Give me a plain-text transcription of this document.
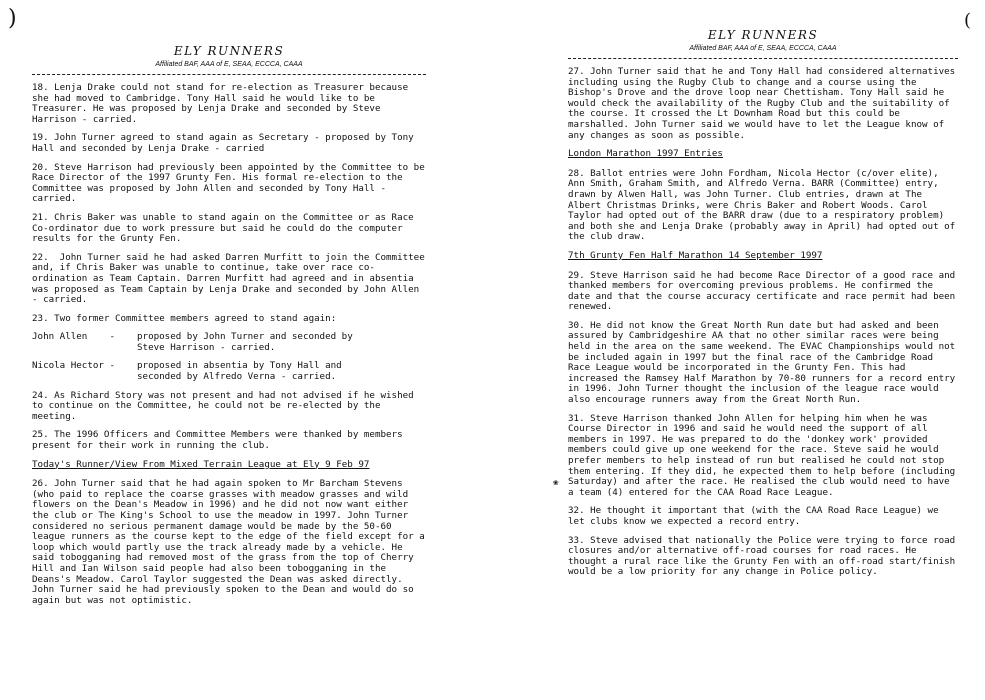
)	)
❀
ELY RUNNERS
Affiliated BAF, AAA of E, SEAA, ECCCA, CAAA

18. Lenja Drake could not stand for re-election as Treasurer because she had moved to Cambridge. Tony Hall said he would like to be Treasurer. He was proposed by Lenja Drake and seconded by Steve Harrison - carried.

19. John Turner agreed to stand again as Secretary - proposed by Tony Hall and seconded by Lenja Drake - carried

20. Steve Harrison had previously been appointed by the Committee to be Race Director of the 1997 Grunty Fen. His formal re-election to the Committee was proposed by John Allen and seconded by Tony Hall - carried.

21. Chris Baker was unable to stand again on the Committee or as Race Co-ordinator due to work pressure but said he could do the computer results for the Grunty Fen.

22.  John Turner said he had asked Darren Murfitt to join the Committee and, if Chris Baker was unable to continue, take over race co-ordination as Team Captain. Darren Murfitt had agreed and in absentia was proposed as Team Captain by Lenja Drake and seconded by John Allen - carried.

23. Two former Committee members agreed to stand again:

John Allen    -	proposed by John Turner and seconded by
Steve Harrison - carried.
Nicola Hector -	proposed in absentia by Tony Hall and
seconded by Alfredo Verna - carried.

24. As Richard Story was not present and had not advised if he wished to continue on the Committee, he could not be re-elected by the meeting.

25. The 1996 Officers and Committee Members were thanked by members present for their work in running the club.

Today's Runner/View From Mixed Terrain League at Ely 9 Feb 97

26. John Turner said that he had again spoken to Mr Barcham Stevens (who paid to replace the coarse grasses with meadow grasses and wild flowers on the Dean's Meadow in 1996) and he did not now want either the club or The King's School to use the meadow in 1997. John Turner considered no serious permanent damage would be made by the 50-60 league runners as the course kept to the edge of the field except for a loop which would partly use the track already made by a vehicle. He said tobogganing had removed most of the grass from the top of Cherry Hill and Ian Wilson said people had also been tobogganing in the Deans's Meadow. Carol Taylor suggested the Dean was asked directly. John Turner said he had previously spoken to the Dean and would do so again but was not optimistic.

ELY RUNNERS
Affiliated BAF, AAA of E, SEAA, ECCCA, CAAA

27. John Turner said that he and Tony Hall had considered alternatives including using the Rugby Club to change and a course using the Bishop's Drove and the drove loop near Chettisham. Tony Hall said he would check the availability of the Rugby Club and the suitability of the course. It crossed the Lt Downham Road but this could be marshalled. John Turner said we would have to let the League know of any changes as soon as possible.

London Marathon 1997 Entries

28. Ballot entries were John Fordham, Nicola Hector (c/over elite), Ann Smith, Graham Smith, and Alfredo Verna. BARR (Committee) entry, drawn by Alwen Hall, was John Turner. Club entries, drawn at The Albert Christmas Drinks, were Chris Baker and Robert Woods. Carol Taylor had opted out of the BARR draw (due to a respiratory problem) and both she and Lenja Drake (probably away in April) had opted out of the club draw.

7th Grunty Fen Half Marathon 14 September 1997

29. Steve Harrison said he had become Race Director of a good race and thanked members for overcoming previous problems. He confirmed the date and that the course accuracy certificate and race permit had been renewed.

30. He did not know the Great North Run date but had asked and been assured by Cambridgeshire AA that no other similar races were being held in the area on the same weekend. The EVAC Championships would not be included again in 1997 but the final race of the Cambridge Road Race League would be incorporated in the Grunty Fen. This had increased the Ramsey Half Marathon by 70-80 runners for a record entry in 1996. John Turner thought the inclusion of the league race would also encourage runners away from the Great North Run.

31. Steve Harrison thanked John Allen for helping him when he was Course Director in 1996 and said he would need the support of all members in 1997. He was prepared to do the 'donkey work' provided members could give up one weekend for the race. Steve said he would prefer members to help instead of run but realised he could not stop them entering. If they did, he expected them to help before (including Saturday) and after the race. He realised the club would need to have a team (4) entered for the CAA Road Race League.

32. He thought it important that (with the CAA Road Race League) we let clubs know we expected a record entry.

33. Steve advised that nationally the Police were trying to force road closures and/or alternative off-road courses for road races. He thought a rural race like the Grunty Fen with an off-road start/finish would be a low priority for any change in Police policy.
